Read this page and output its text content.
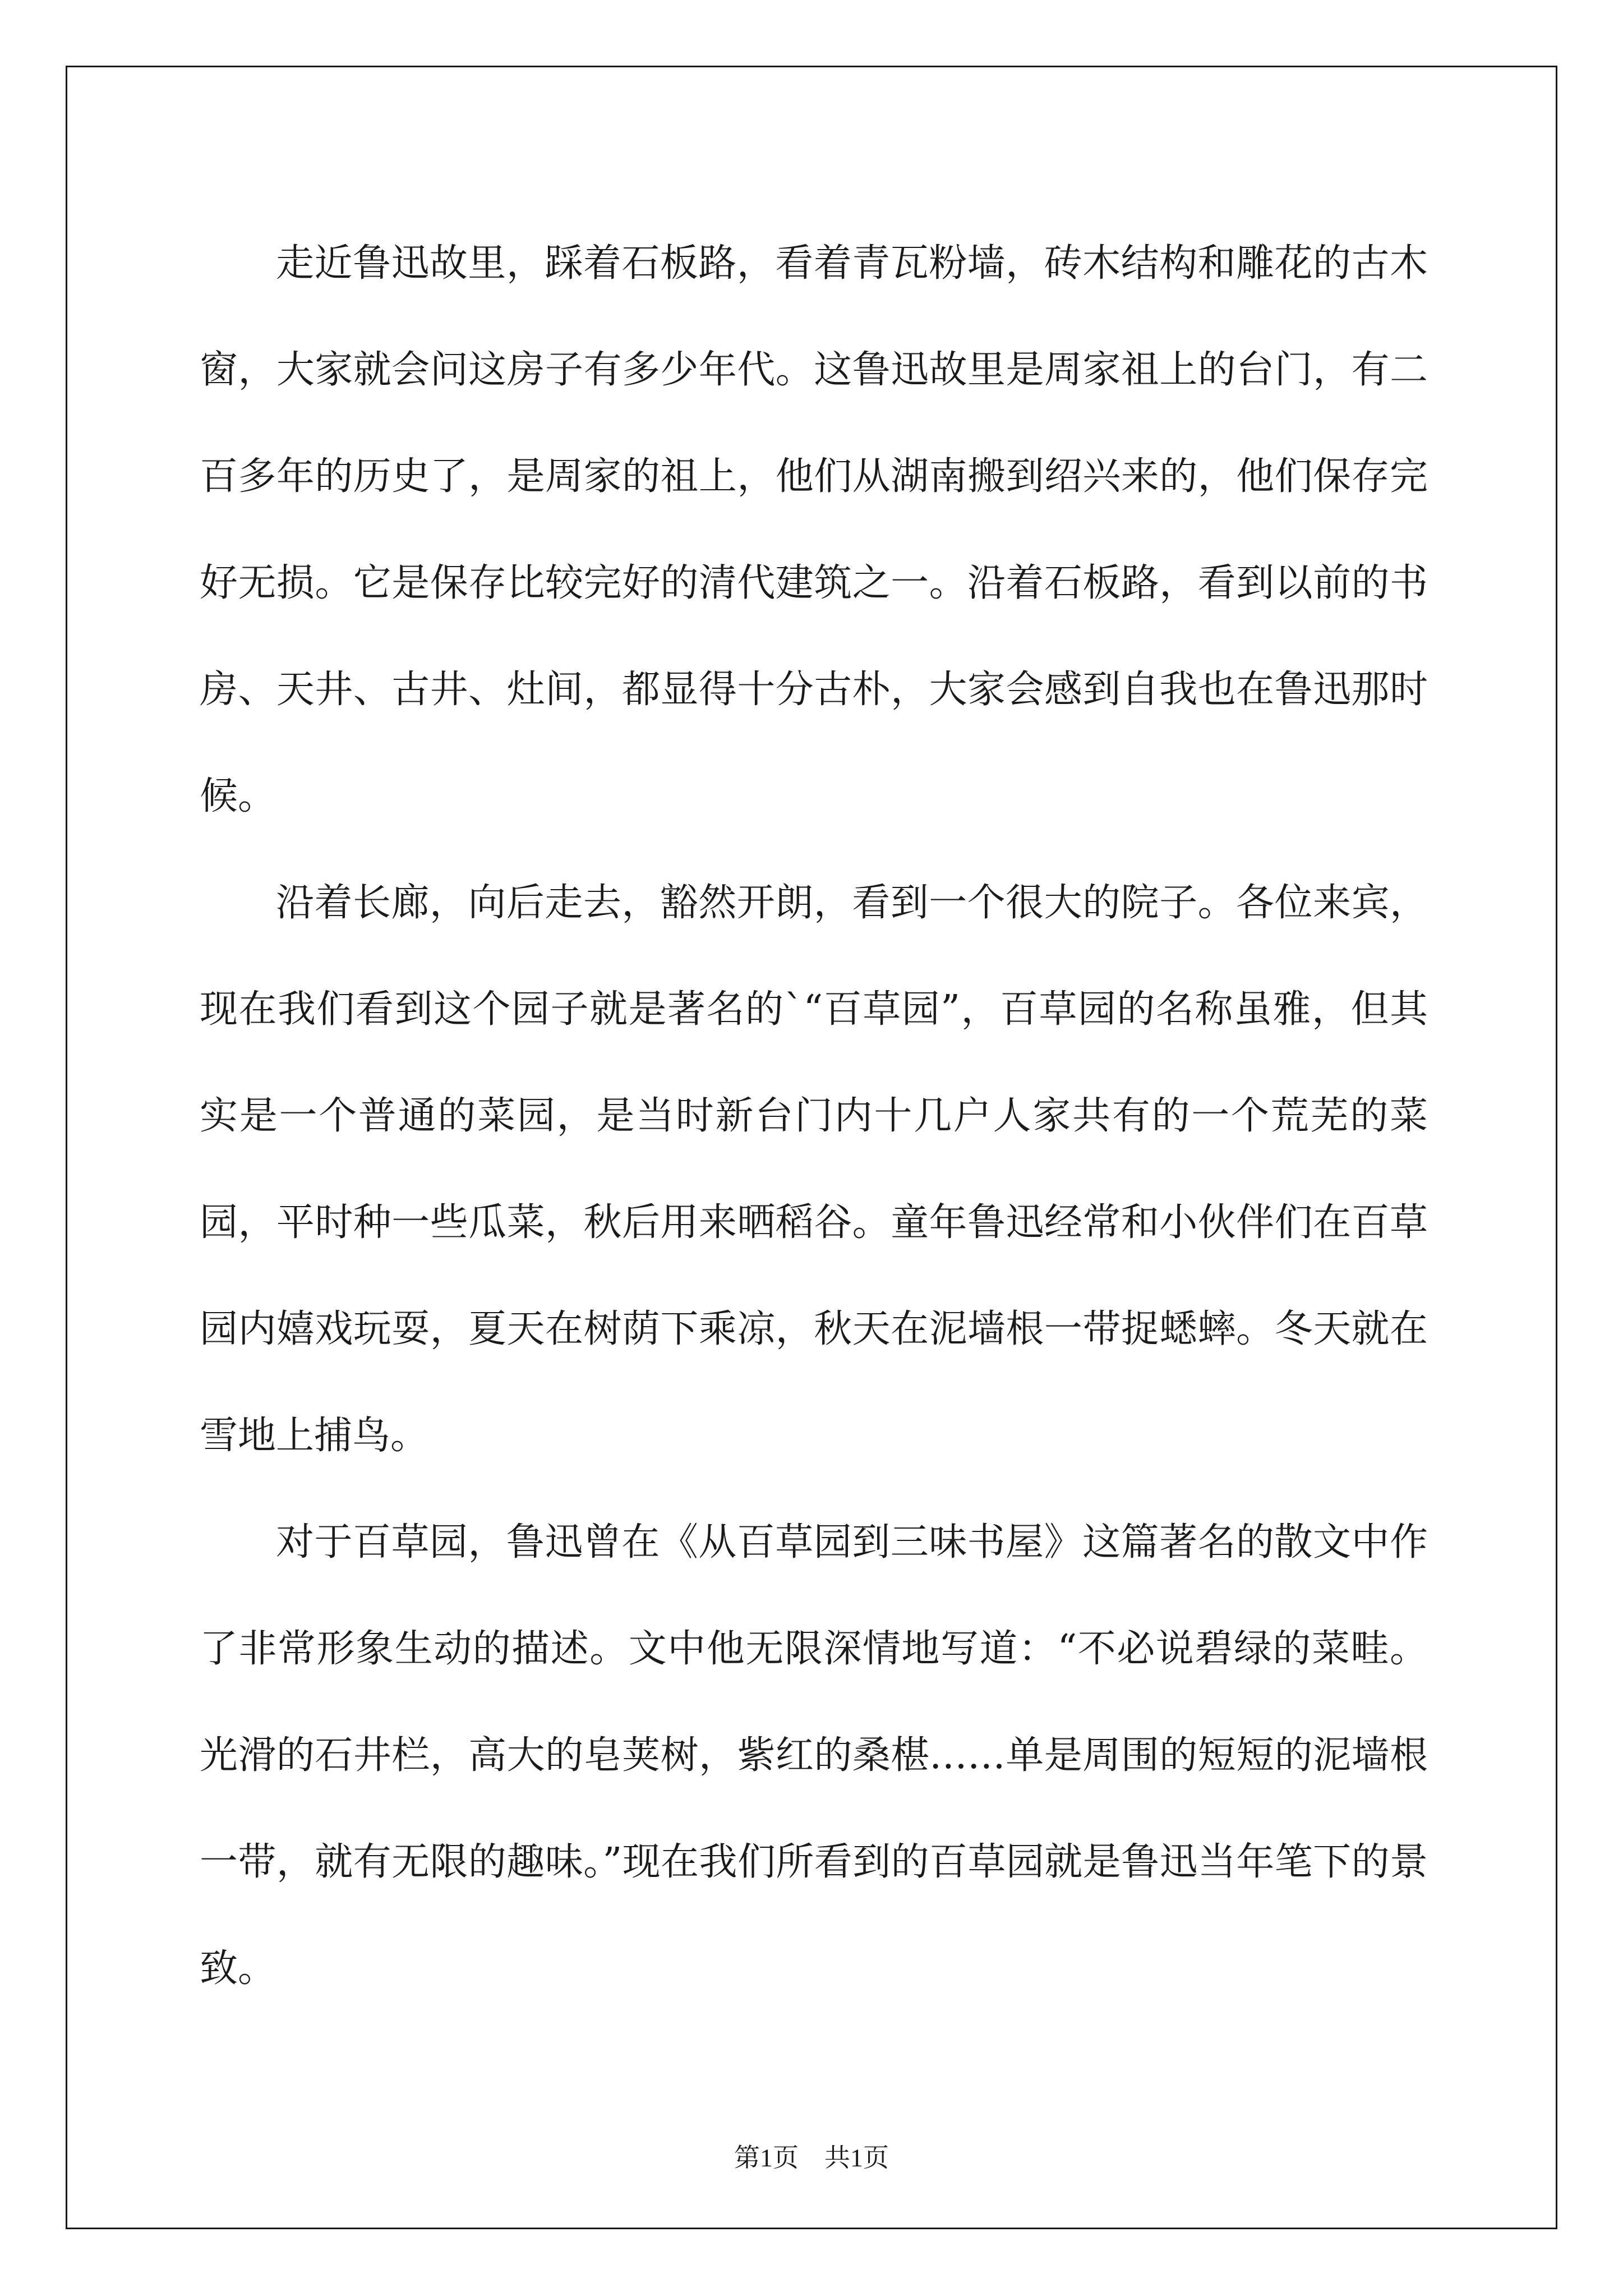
走近鲁迅故里，踩着石板路，看着青瓦粉墙，砖木结构和雕花的古木窗，大家就会问这房子有多少年代。这鲁迅故里是周家祖上的台门，有二百多年的历史了，是周家的祖上，他们从湖南搬到绍兴来的，他们保存完好无损。它是保存比较完好的清代建筑之一。沿着石板路，看到以前的书房、天井、古井、灶间，都显得十分古朴，大家会感到自我也在鲁迅那时候。

沿着长廊，向后走去，豁然开朗，看到一个很大的院子。各位来宾，现在我们看到这个园子就是著名的`“百草园”，百草园的名称虽雅，但其实是一个普通的菜园，是当时新台门内十几户人家共有的一个荒芜的菜园，平时种一些瓜菜，秋后用来晒稻谷。童年鲁迅经常和小伙伴们在百草园内嬉戏玩耍，夏天在树荫下乘凉，秋天在泥墙根一带捉蟋蟀。冬天就在雪地上捕鸟。

对于百草园，鲁迅曾在《从百草园到三味书屋》这篇著名的散文中作了非常形象生动的描述。文中他无限深情地写道：“不必说碧绿的菜畦。光滑的石井栏，高大的皂荚树，紫红的桑椹……单是周围的短短的泥墙根一带，就有无限的趣味。”现在我们所看到的百草园就是鲁迅当年笔下的景致。

第1页　共1页
